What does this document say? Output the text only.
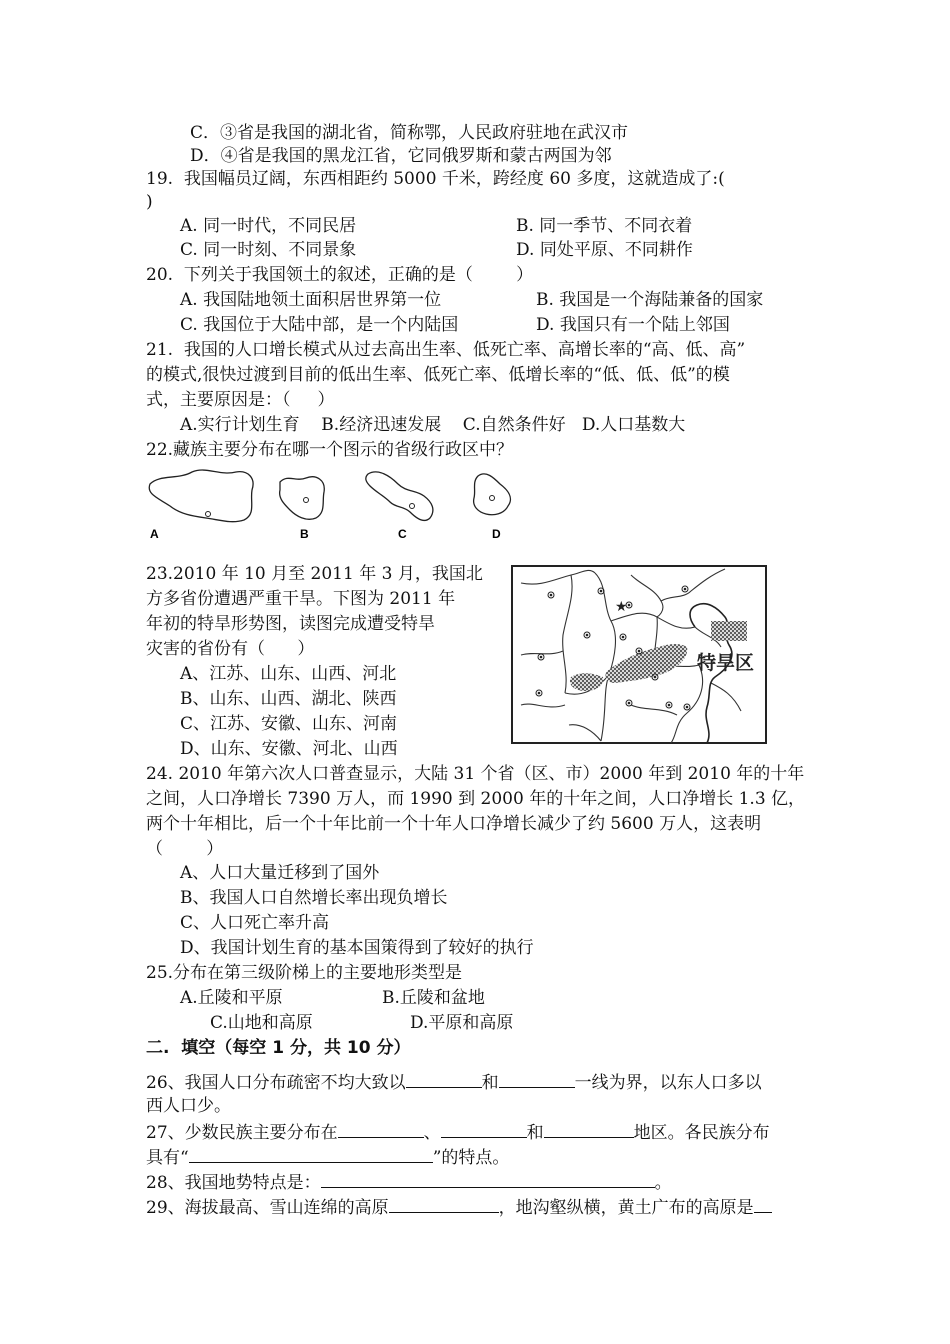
C．③省是我国的湖北省，简称鄂，人民政府驻地在武汉市
D．④省是我国的黑龙江省，它同俄罗斯和蒙古两国为邻
19.  我国幅员辽阔，东西相距约 5000 千米，跨经度 60 多度，这就造成了:(
)
A. 同一时代，不同民居	B. 同一季节、不同衣着
C. 同一时刻、不同景象	D. 同处平原、不同耕作
20.  下列关于我国领土的叙述，正确的是（        ）
A. 我国陆地领土面积居世界第一位	B. 我国是一个海陆兼备的国家
C. 我国位于大陆中部，是一个内陆国	D. 我国只有一个陆上邻国
21.  我国的人口增长模式从过去高出生率、低死亡率、高增长率的“高、低、高”
的模式,很快过渡到目前的低出生率、低死亡率、低增长率的“低、低、低”的模
式，主要原因是：（     ）
A.实行计划生育    B.经济迅速发展    C.自然条件好   D.人口基数大
22.藏族主要分布在哪一个图示的省级行政区中？
A	B	C	D
23.2010 年 10 月至 2011 年 3 月，我国北
方多省份遭遇严重干旱。下图为 2011 年
年初的特旱形势图，读图完成遭受特旱
灾害的省份有（      ）
A、江苏、山东、山西、河北
B、山东、山西、湖北、陕西
C、江苏、安徽、山东、河南
D、山东、安徽、河北、山西
★
特旱区
24. 2010 年第六次人口普查显示，大陆 31 个省（区、市）2000 年到 2010 年的十年
之间，人口净增长 7390 万人，而 1990 到 2000 年的十年之间，人口净增长 1.3 亿，
两个十年相比，后一个十年比前一个十年人口净增长减少了约 5600 万人，这表明
（        ）
A、人口大量迁移到了国外
B、我国人口自然增长率出现负增长
C、人口死亡率升高
D、我国计划生育的基本国策得到了较好的执行
25.分布在第三级阶梯上的主要地形类型是
A.丘陵和平原	B.丘陵和盆地
C.山地和高原	D.平原和高原
二.  填空（每空 1 分，共 10 分）
26、我国人口分布疏密不均大致以	和	一线为界，以东人口多以
西人口少。
27、少数民族主要分布在	、	和	地区。各民族分布
具有“	”的特点。
28、我国地势特点是：	。
29、海拔最高、雪山连绵的高原	，地沟壑纵横，黄土广布的高原是
